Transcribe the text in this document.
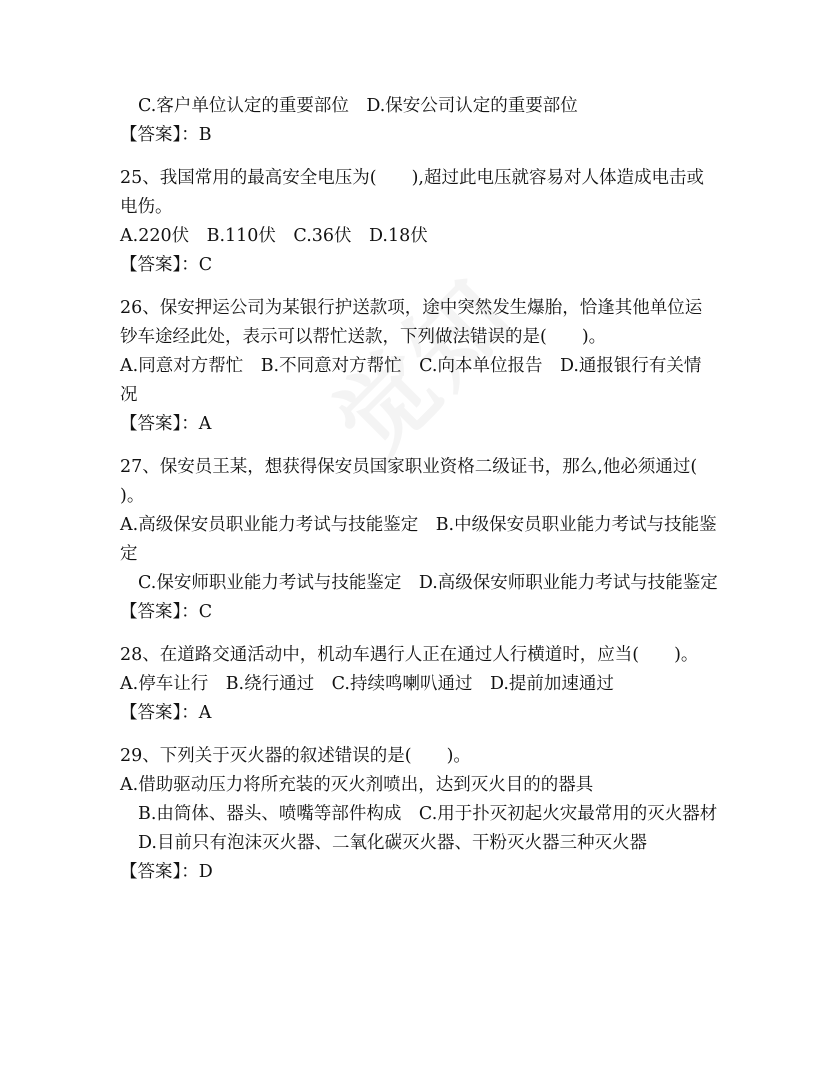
C.客户单位认定的重要部位　D.保安公司认定的重要部位

【答案】：B

25、我国常用的最高安全电压为(　　),超过此电压就容易对人体造成电击或电伤。

A.220伏　B.110伏　C.36伏　D.18伏

【答案】：C

26、保安押运公司为某银行护送款项，途中突然发生爆胎，恰逢其他单位运钞车途经此处，表示可以帮忙送款，下列做法错误的是(　　)。

A.同意对方帮忙　B.不同意对方帮忙　C.向本单位报告　D.通报银行有关情况

【答案】：A

27、保安员王某，想获得保安员国家职业资格二级证书，那么,他必须通过(　　)。

A.高级保安员职业能力考试与技能鉴定　B.中级保安员职业能力考试与技能鉴定

C.保安师职业能力考试与技能鉴定　D.高级保安师职业能力考试与技能鉴定

【答案】：C

28、在道路交通活动中，机动车遇行人正在通过人行横道时，应当(　　)。

A.停车让行　B.绕行通过　C.持续鸣喇叭通过　D.提前加速通过

【答案】：A

29、下列关于灭火器的叙述错误的是(　　)。

A.借助驱动压力将所充装的灭火剂喷出，达到灭火目的的器具

B.由筒体、器头、喷嘴等部件构成　C.用于扑灭初起火灾最常用的灭火器材　D.目前只有泡沫灭火器、二氧化碳灭火器、干粉灭火器三种灭火器

【答案】：D
